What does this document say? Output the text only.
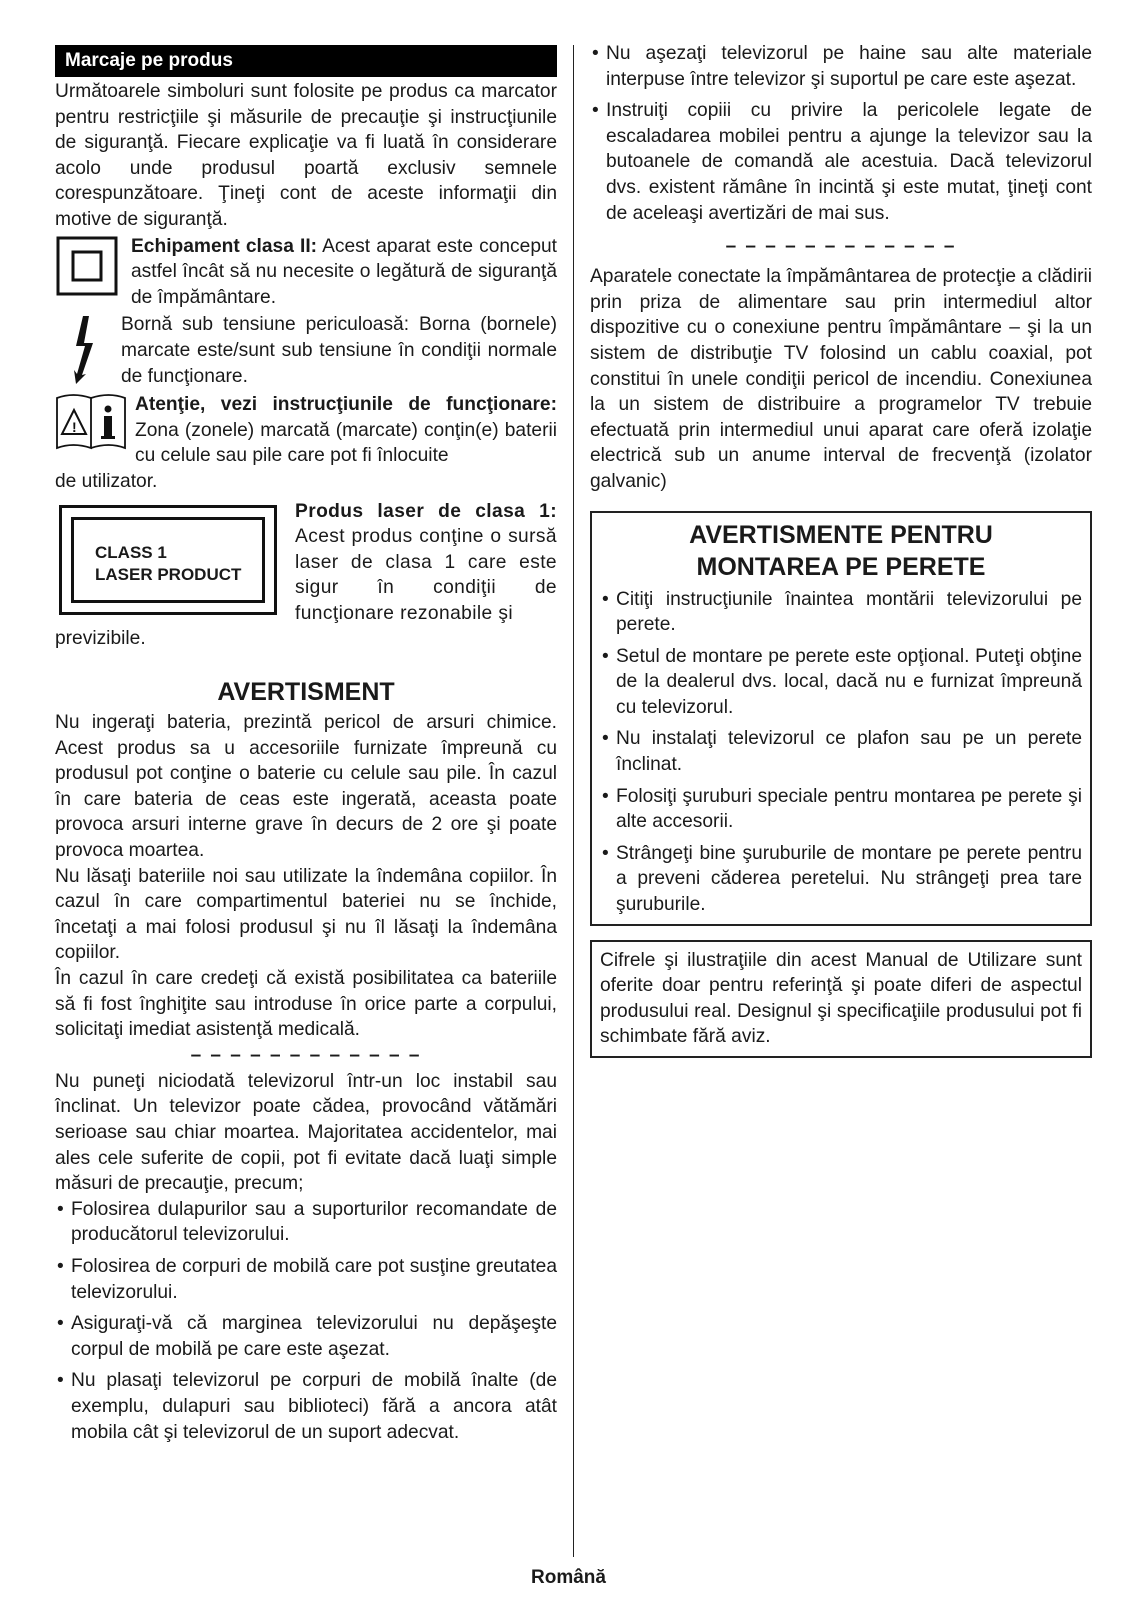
Marcaje pe produs

Următoarele simboluri sunt folosite pe produs ca marcator pentru restricţiile şi măsurile de precauţie şi instrucţiunile de siguranţă. Fiecare explicaţie va fi luată în considerare acolo unde produsul poartă exclusiv semnele corespunzătoare. Ţineţi cont de aceste informaţii din motive de siguranţă.

Echipament clasa II: Acest aparat este conceput astfel încât să nu necesite o legătură de siguranţă de împământare.

Bornă sub tensiune periculoasă: Borna (bornele) marcate este/sunt sub tensiune în condiţii normale de funcţionare.

!

Atenţie, vezi instrucţiunile de funcţionare: Zona (zonele) marcată (marcate) conţin(e) baterii cu celule sau pile care pot fi înlocuite

de utilizator.

CLASS 1
LASER PRODUCT

Produs laser de clasa 1: Acest produs conţine o sursă laser de clasa 1 care este sigur în condiţii de funcţionare rezonabile şi

previzibile.

AVERTISMENT

Nu ingeraţi bateria, prezintă pericol de arsuri chimice. Acest produs sa u accesoriile furnizate împreună cu produsul pot conţine o baterie cu celule sau pile. În cazul în care bateria de ceas este ingerată, aceasta poate provoca arsuri interne grave în decurs de 2 ore şi poate provoca moartea.

Nu lăsaţi bateriile noi sau utilizate la îndemâna copiilor. În cazul în care compartimentul bateriei nu se închide, încetaţi a mai folosi produsul şi nu îl lăsaţi la îndemâna copiilor.

În cazul în care credeţi că există posibilitatea ca bateriile să fi fost înghiţite sau introduse în orice parte a corpului, solicitaţi imediat asistenţă medicală.

– – – – – – – – – – – –

Nu puneţi niciodată televizorul într-un loc instabil sau înclinat. Un televizor poate cădea, provocând vătămări serioase sau chiar moartea. Majoritatea accidentelor, mai ales cele suferite de copii, pot fi evitate dacă luaţi simple măsuri de precauţie, precum;

• Folosirea dulapurilor sau a suporturilor recomandate de producătorul televizorului.
• Folosirea de corpuri de mobilă care pot susţine greutatea televizorului.
• Asiguraţi-vă că marginea televizorului nu depăşeşte corpul de mobilă pe care este aşezat.
• Nu plasaţi televizorul pe corpuri de mobilă înalte (de exemplu, dulapuri sau biblioteci) fără a ancora atât mobila cât şi televizorul de un suport adecvat.
• Nu aşezaţi televizorul pe haine sau alte materiale interpuse între televizor şi suportul pe care este aşezat.
• Instruiţi copiii cu privire la pericolele legate de escaladarea mobilei pentru a ajunge la televizor sau la butoanele de comandă ale acestuia. Dacă televizorul dvs. existent rămâne în incintă şi este mutat, ţineţi cont de aceleaşi avertizări de mai sus.
– – – – – – – – – – – –

Aparatele conectate la împământarea de protecţie a clădirii prin priza de alimentare sau prin intermediul altor dispozitive cu o conexiune pentru împământare – şi la un sistem de distribuţie TV folosind un cablu coaxial, pot constitui în unele condiţii pericol de incendiu. Conexiunea la un sistem de distribuire a programelor TV trebuie efectuată prin intermediul unui aparat care oferă izolaţie electrică sub un anume interval de frecvenţă (izolator galvanic)

AVERTISMENTE PENTRU
MONTAREA PE PERETE
• Citiţi instrucţiunile înaintea montării televizorului pe perete.
• Setul de montare pe perete este opţional. Puteţi obţine de la dealerul dvs. local, dacă nu e furnizat împreună cu televizorul.
• Nu instalaţi televizorul ce plafon sau pe un perete înclinat.
• Folosiţi şuruburi speciale pentru montarea pe perete şi alte accesorii.
• Strângeţi bine şuruburile de montare pe perete pentru a preveni căderea peretelui. Nu strângeţi prea tare şuruburile.

Cifrele şi ilustraţiile din acest Manual de Utilizare sunt oferite doar pentru referinţă şi poate diferi de aspectul produsului real. Designul şi specificaţiile produsului pot fi schimbate fără aviz.

Română
